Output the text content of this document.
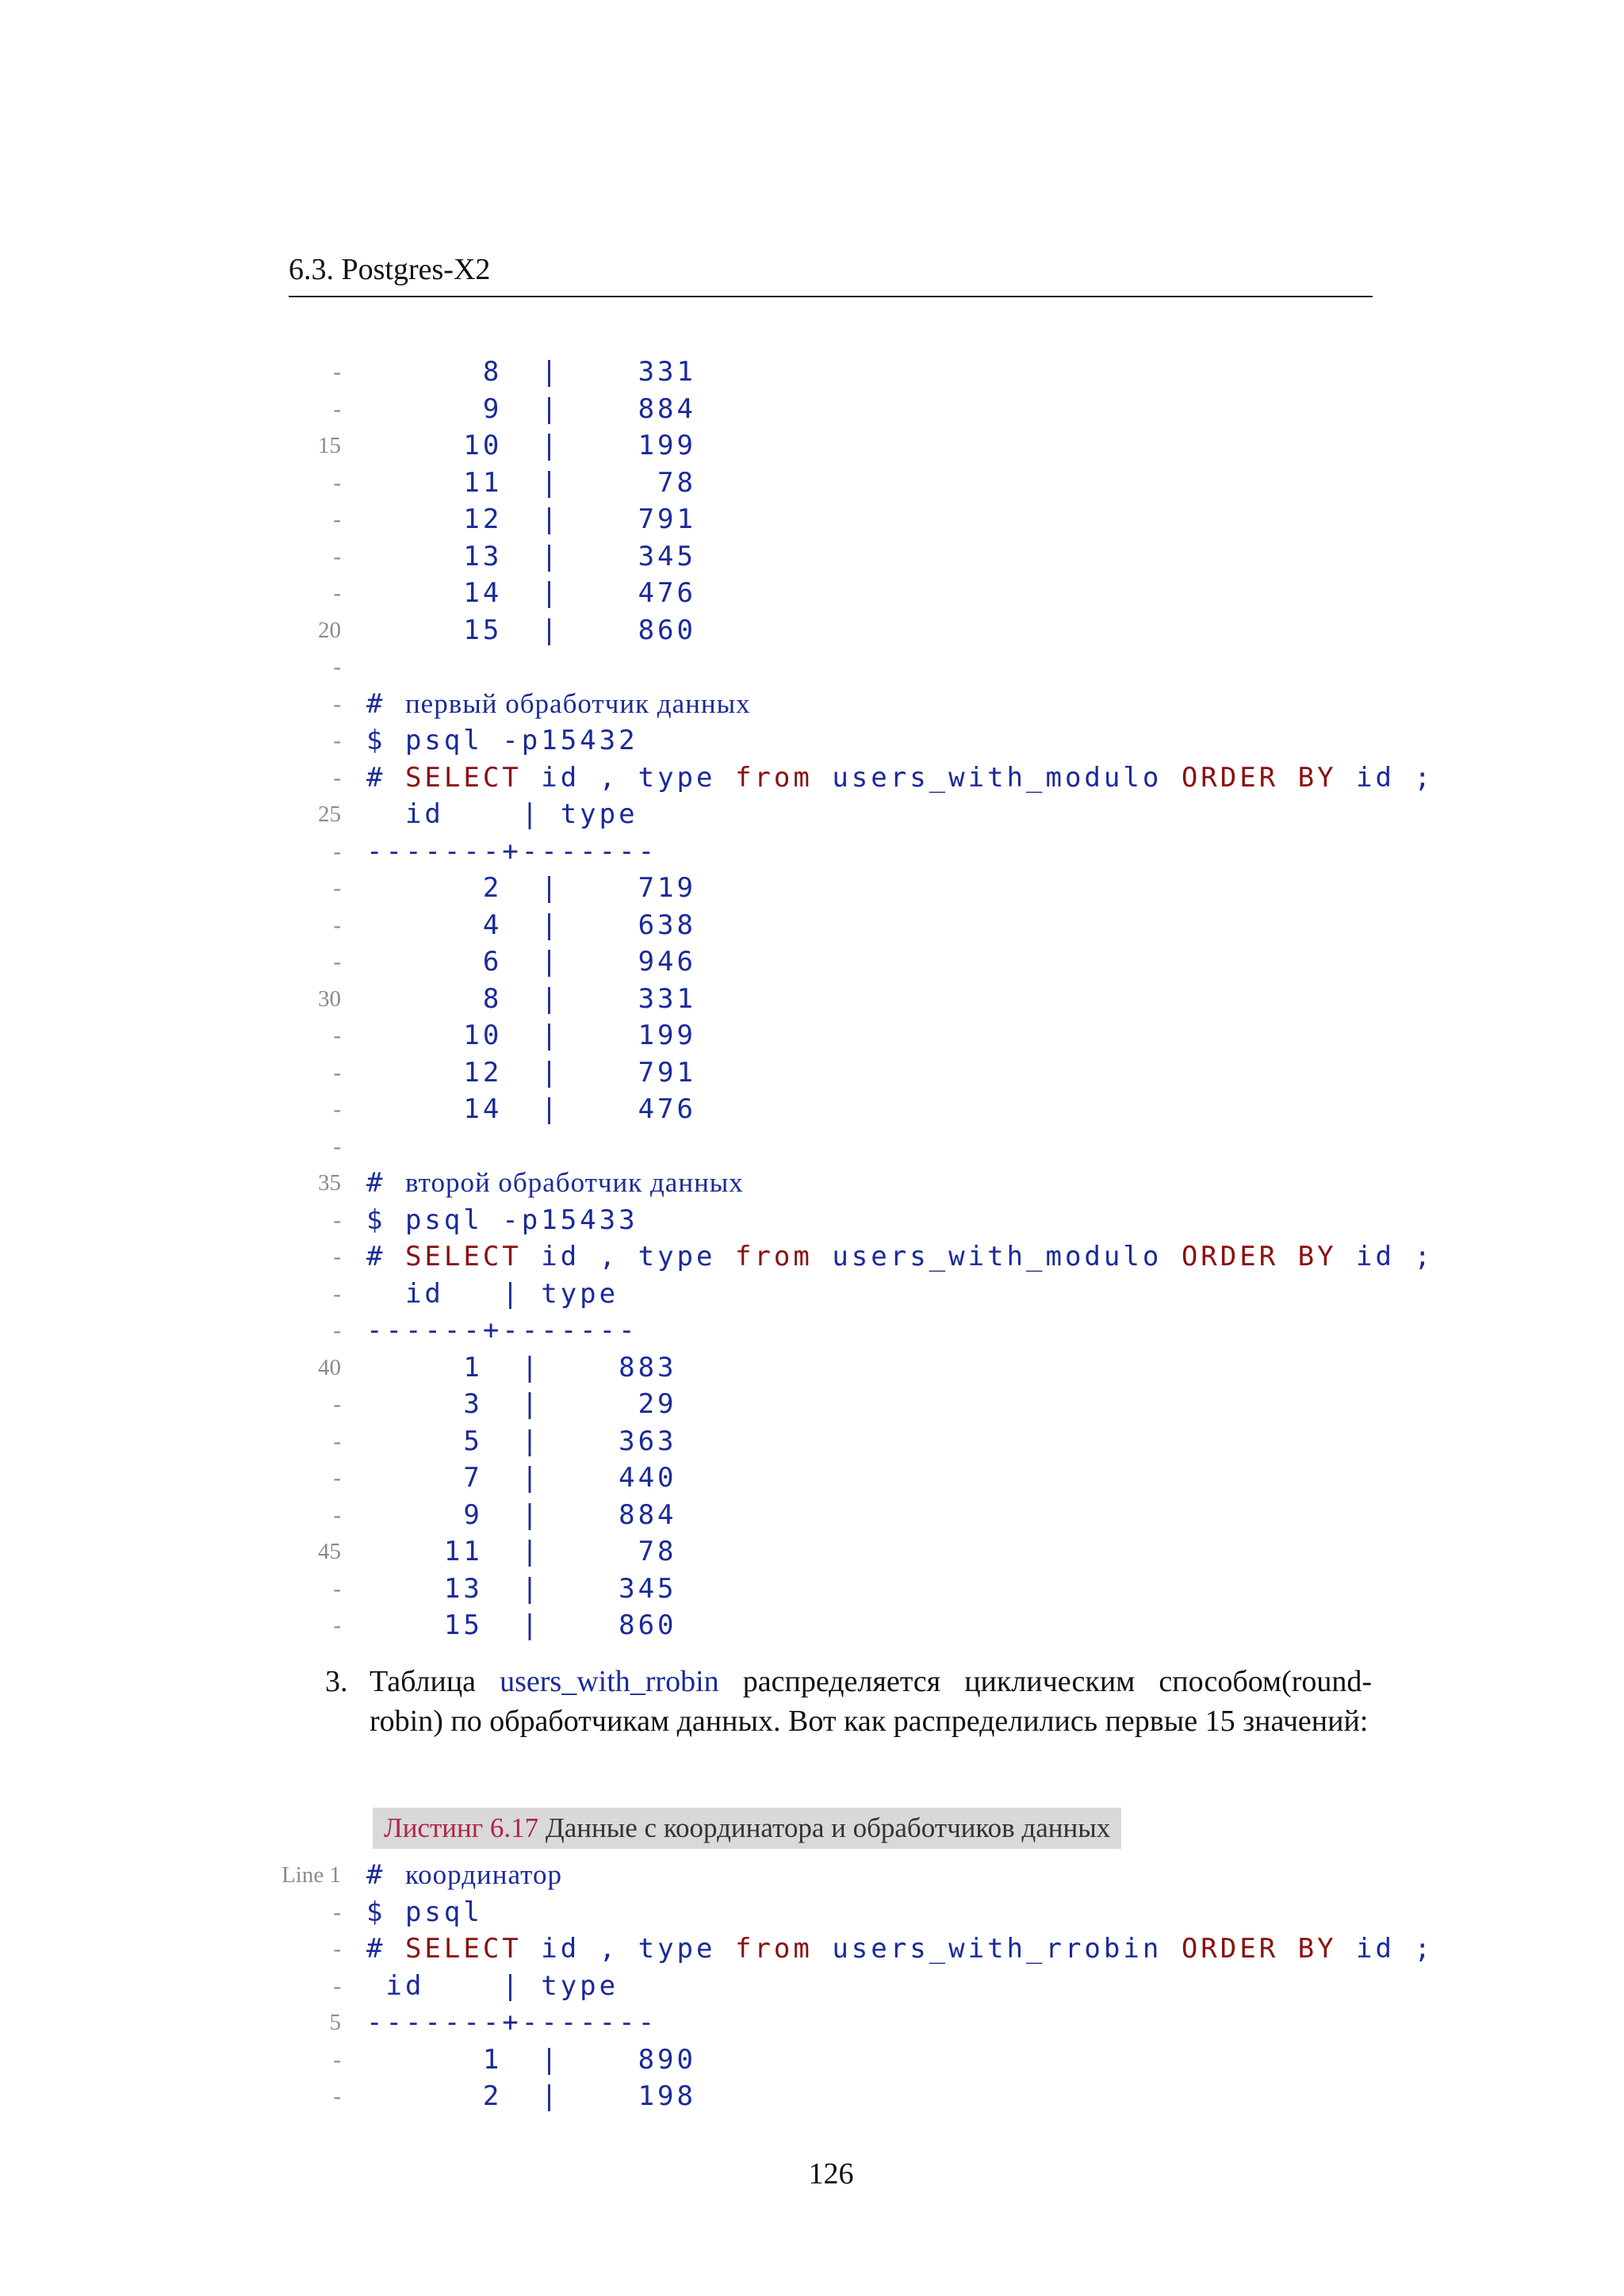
6.3. Postgres-X2
- 8  |    331
- 9  |    884
15 10  |    199
- 11  |     78
- 12  |    791
- 13  |    345
- 14  |    476
20 15  |    860
-
- # первый обработчик данных
- $ psql -p15432
- # SELECT id , type from users_with_modulo ORDER BY id ;
25 id    | type
- -------+-------
- 2  |    719
- 4  |    638
- 6  |    946
30 8  |    331
- 10  |    199
- 12  |    791
- 14  |    476
-
35 # второй обработчик данных
- $ psql -p15433
- # SELECT id , type from users_with_modulo ORDER BY id ;
- id   | type
- ------+-------
40 1  |    883
- 3  |     29
- 5  |    363
- 7  |    440
- 9  |    884
45 11  |     78
- 13  |    345
- 15  |    860
3. Таблица users_with_rrobin распределяется циклическим способом(round-robin) по обработчикам данных. Вот как распределились первые 15 значений:
Листинг 6.17 Данные с координатора и обработчиков данных
Line 1 # координатор
- $ psql
- # SELECT id , type from users_with_rrobin ORDER BY id ;
- id    | type
5 -------+-------
- 1  |    890
- 2  |    198
126
